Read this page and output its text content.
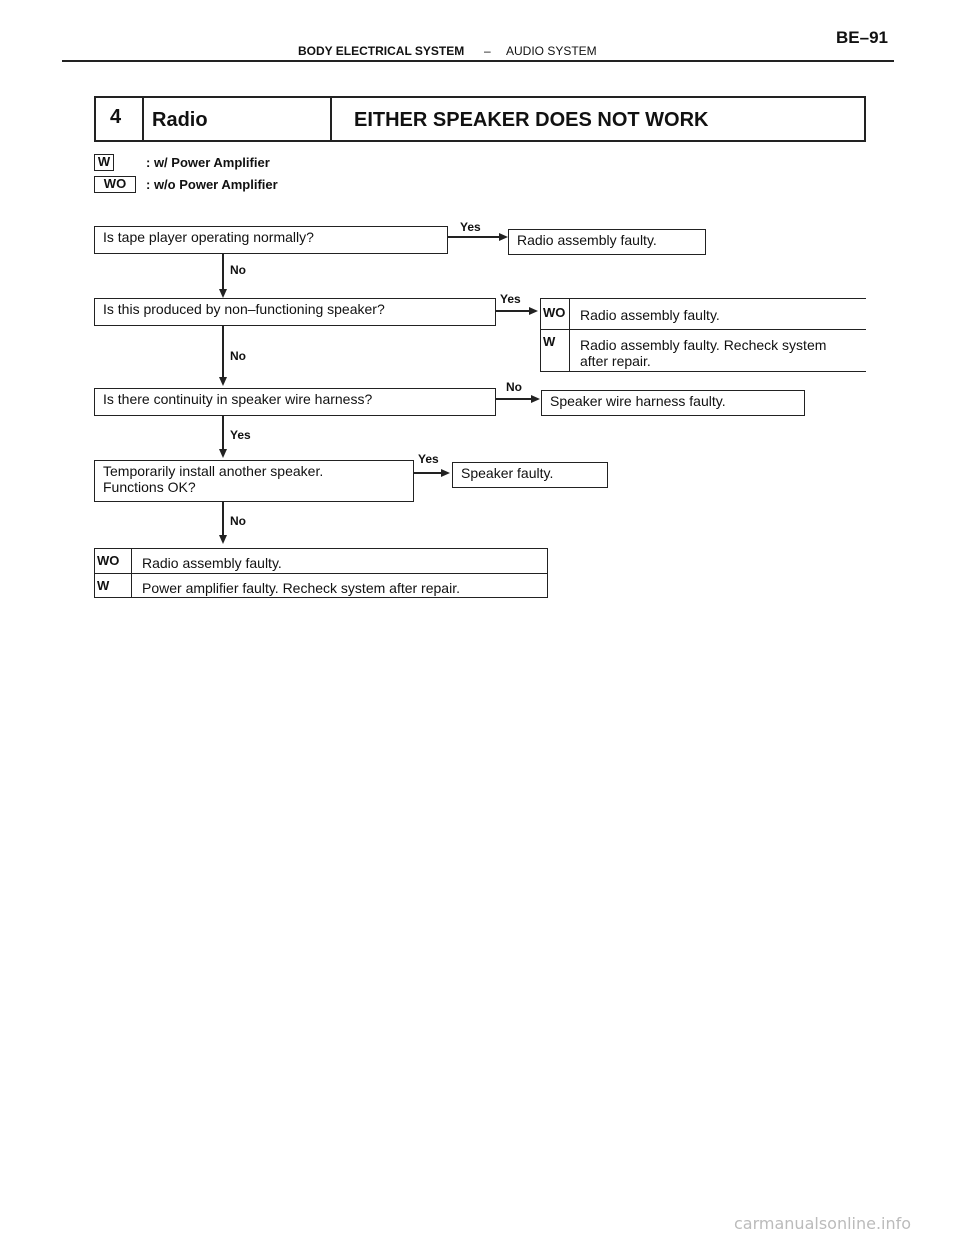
BODY ELECTRICAL SYSTEM – AUDIO SYSTEM
BE–91
4 Radio	EITHER SPEAKER DOES NOT WORK
W	: w/ Power Amplifier
WO	: w/o Power Amplifier
Is tape player operating normally?
Yes
Radio assembly faulty.
No
Is this produced by non–functioning speaker?
Yes
WO Radio assembly faulty.
W Radio assembly faulty. Recheck system
after repair.
No
Is there continuity in speaker wire harness?
No
Speaker wire harness faulty.
Yes
Temporarily install another speaker.
Functions OK?
Yes
Speaker faulty.
No
WO Radio assembly faulty.
W Power amplifier faulty. Recheck system after repair.
carmanualsonline.info
